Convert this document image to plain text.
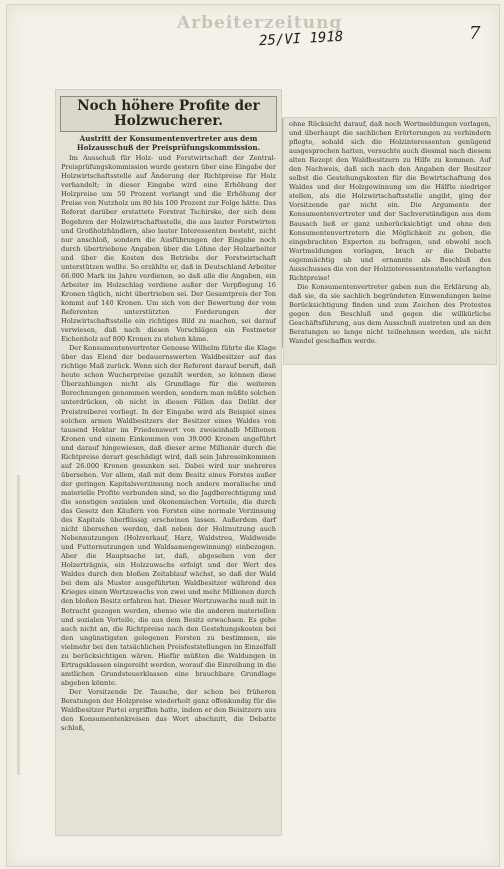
Arbeiterzeitung
25/VI 1918	7
Noch höhere Profite der Holzwucherer.
Austritt der Konsumentenvertreter aus dem Holzausschuß der Preisprüfungskommission.

Im Ausschuß für Holz- und Forstwirtschaft der Zentral-Preisprüfungskommission wurde gestern über eine Eingabe der Holzwirtschaftsstelle auf Änderung der Richtpreise für Holz verhandelt; in dieser Eingabe wird eine Erhöhung der Holzpreise um 50 Prozent verlangt und die Erhöhung der Preise von Nutzholz um 80 bis 100 Prozent zur Folge hätte. Das Referat darüber erstattete Forstrat Tschirske, der sich dem Begehren der Holzwirtschaftsstelle, die aus lauter Forstwirten und Großholzhändlern, also lauter Interessenten besteht, nicht nur anschloß, sondern die Ausführungen der Eingabe noch durch übertriebene Angaben über die Löhne der Holzarbeiter und über die Kosten des Betriebs der Forstwirtschaft unterstützen wollte. So erzählte er, daß in Deutschland Arbeiter 66.000 Mark im Jahre verdienen, so daß alle die Angaben, ein Arbeiter im Holzschlag verdiene außer der Verpflegung 16 Kronen täglich, nicht übertrieben sei. Der Gesamtpreis der Ton kommt auf 140 Kronen. Um sich von der Bewertung der vom Referenten unterstützten Forderungen der Holzwirtschaftsstelle ein richtiges Bild zu machen, sei darauf verwiesen, daß nach diesen Vorschlägen ein Festmeter Eichenholz auf 800 Kronen zu stehen käme.

Der Konsumentenvertreter Genosse Wilhelm führte die Klage über das Elend der bedauernswerten Waldbesitzer auf das richtige Maß zurück. Wenn sich der Referent darauf beruft, daß heute schon Wucherpreise gezahlt werden, so können diese Überzahlungen nicht als Grundlage für die weiteren Berechnungen genommen werden, sondern man müßte solchen unterdrücken, ob nicht in diesen Fällen das Delikt der Preistreiberei vorliegt. In der Eingabe wird als Beispiel eines solchen armen Waldbesitzers der Besitzer eines Waldes von tausend Hektar im Friedenswert von zweieinhalb Millionen Kronen und einem Einkommen von 39.000 Kronen angeführt und darauf hingewiesen, daß dieser arme Millionär durch die Richtpreise derart geschädigt wird, daß sein Jahreseinkommen auf 26.000 Kronen gesunken sei. Dabei wird nur mehreres übersehen. Vor allem, daß mit dem Besitz eines Forstes außer der geringen Kapitalsverzinsung noch andere moralische und materielle Profite verbunden sind, so die Jagdberechtigung und die sonstigen sozialen und ökonomischen Vorteile, die durch das Gesetz den Käufern von Forsten eine normale Verzinsung des Kapitals überflüssig erscheinen lassen. Außerdem darf nicht übersehen werden, daß neben der Holznutzung auch Nebennutzungen (Holzverkauf, Harz, Waldstreu, Waldweide und Futternutzungen und Waldsamengewinnung) einbezogen. Aber die Hauptsache ist, daß, abgesehen von der Holzerträgnis, ein Holzzuwachs erfolgt und der Wert des Waldes durch den bloßen Zeitablauf wächst, so daß der Wald bei dem als Muster ausgeführten Waldbesitzer während des Krieges einen Wertzuwachs von zwei und mehr Millionen durch den bloßen Besitz erfahren hat. Dieser Wertzuwachs muß mit in Betracht gezogen werden, ebenso wie die anderen materiellen und sozialen Vorteile, die aus dem Besitz erwachsen. Es gehe auch nicht an, die Richtpreise nach den Gestehungskosten bei den ungünstigsten gelegenen Forsten zu bestimmen, sie vielmehr bei den tatsächlichen Preisfeststellungen im Einzelfall zu berücksichtigen wären. Hiefür müßten die Waldungen in Ertragsklassen eingereiht werden, worauf die Einreihung in die amtlichen Grundsteuerklassen eine brauchbare Grundlage abgeben könnte.

Der Vorsitzende Dr. Tausche, der schon bei früheren Beratungen der Holzpreise wiederholt ganz offenkundig für die Waldbesitzer Partei ergriffen hatte, indem er den Beisitzern aus den Konsumentenkreisen das Wort abschnitt, die Debatte schloß,

ohne Rücksicht darauf, daß noch Wortmeldungen vorlagen, und überhaupt die sachlichen Erörterungen zu verhindern pflegte, sobald sich die Holzinteressenten genügend ausgesprochen hatten, versuchte auch diesmal nach diesem alten Rezept den Waldbesitzern zu Hilfe zu kommen. Auf den Nachweis, daß sich nach den Angaben der Besitzer selbst die Gestehungskosten für die Bewirtschaftung des Waldes und der Holzgewinnung um die Hälfte niedriger stellen, als die Holzwirtschaftsstelle angibt, ging der Vorsitzende gar nicht ein. Die Argumente der Konsumentenvertreter und der Sachverständigen aus dem Bausach ließ er ganz unberücksichtigt und ohne den Konsumentenvertretern die Möglichkeit zu geben, die eingebrachten Experten zu befragen, und obwohl noch Wortmeldungen vorlagen, brach er die Debatte eigenmächtig ab und ernannte als Beschluß des Ausschusses die von der Holzinteressentenstelle verlangten Richtpreise!

Die Konsumentenvertreter gaben nun die Erklärung ab, daß sie, da sie sachlich begründeten Einwendungen keine Berücksichtigung finden und zum Zeichen des Protestes gegen den Beschluß und gegen die willkürliche Geschäftsführung, aus dem Ausschuß austreten und an den Beratungen so lange nicht teilnehmen werden, als nicht Wandel geschaffen werde.
